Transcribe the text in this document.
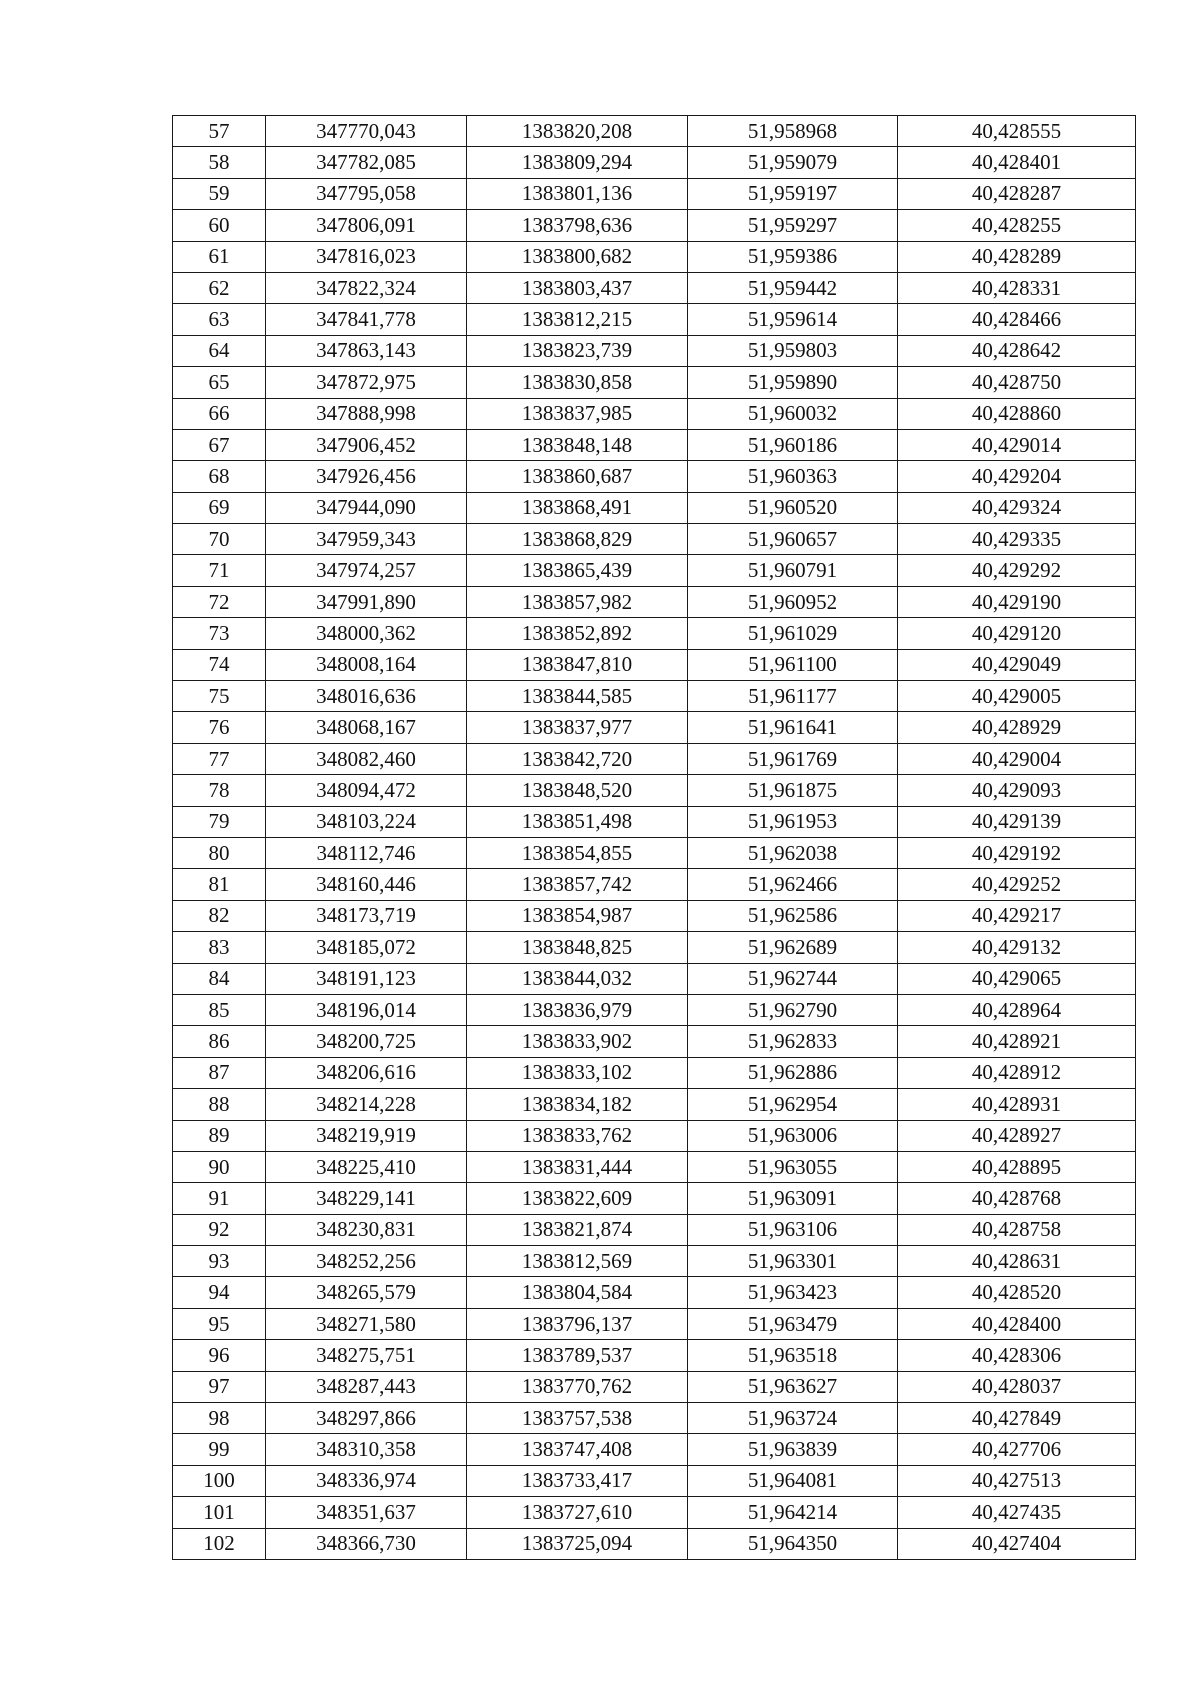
57	347770,043	1383820,208	51,958968	40,428555
58	347782,085	1383809,294	51,959079	40,428401
59	347795,058	1383801,136	51,959197	40,428287
60	347806,091	1383798,636	51,959297	40,428255
61	347816,023	1383800,682	51,959386	40,428289
62	347822,324	1383803,437	51,959442	40,428331
63	347841,778	1383812,215	51,959614	40,428466
64	347863,143	1383823,739	51,959803	40,428642
65	347872,975	1383830,858	51,959890	40,428750
66	347888,998	1383837,985	51,960032	40,428860
67	347906,452	1383848,148	51,960186	40,429014
68	347926,456	1383860,687	51,960363	40,429204
69	347944,090	1383868,491	51,960520	40,429324
70	347959,343	1383868,829	51,960657	40,429335
71	347974,257	1383865,439	51,960791	40,429292
72	347991,890	1383857,982	51,960952	40,429190
73	348000,362	1383852,892	51,961029	40,429120
74	348008,164	1383847,810	51,961100	40,429049
75	348016,636	1383844,585	51,961177	40,429005
76	348068,167	1383837,977	51,961641	40,428929
77	348082,460	1383842,720	51,961769	40,429004
78	348094,472	1383848,520	51,961875	40,429093
79	348103,224	1383851,498	51,961953	40,429139
80	348112,746	1383854,855	51,962038	40,429192
81	348160,446	1383857,742	51,962466	40,429252
82	348173,719	1383854,987	51,962586	40,429217
83	348185,072	1383848,825	51,962689	40,429132
84	348191,123	1383844,032	51,962744	40,429065
85	348196,014	1383836,979	51,962790	40,428964
86	348200,725	1383833,902	51,962833	40,428921
87	348206,616	1383833,102	51,962886	40,428912
88	348214,228	1383834,182	51,962954	40,428931
89	348219,919	1383833,762	51,963006	40,428927
90	348225,410	1383831,444	51,963055	40,428895
91	348229,141	1383822,609	51,963091	40,428768
92	348230,831	1383821,874	51,963106	40,428758
93	348252,256	1383812,569	51,963301	40,428631
94	348265,579	1383804,584	51,963423	40,428520
95	348271,580	1383796,137	51,963479	40,428400
96	348275,751	1383789,537	51,963518	40,428306
97	348287,443	1383770,762	51,963627	40,428037
98	348297,866	1383757,538	51,963724	40,427849
99	348310,358	1383747,408	51,963839	40,427706
100	348336,974	1383733,417	51,964081	40,427513
101	348351,637	1383727,610	51,964214	40,427435
102	348366,730	1383725,094	51,964350	40,427404
